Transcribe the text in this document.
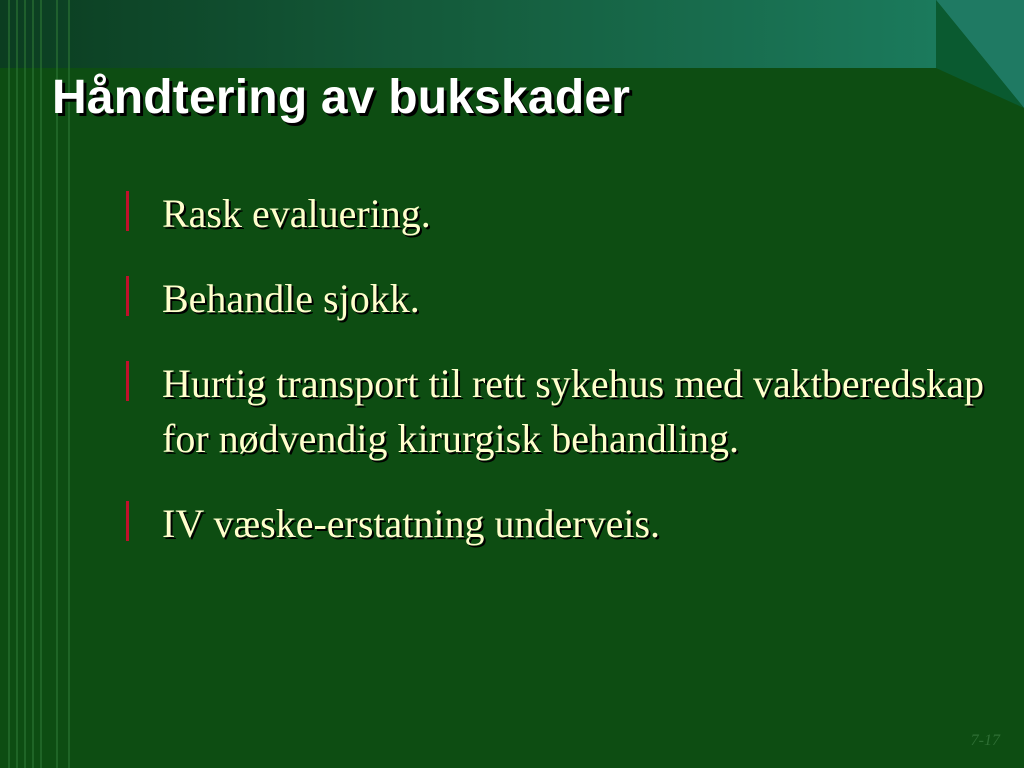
Håndtering av bukskader
Rask evaluering.
Behandle sjokk.
Hurtig transport til rett sykehus med vaktberedskap for nødvendig kirurgisk behandling.
IV væske-erstatning underveis.
7-17
